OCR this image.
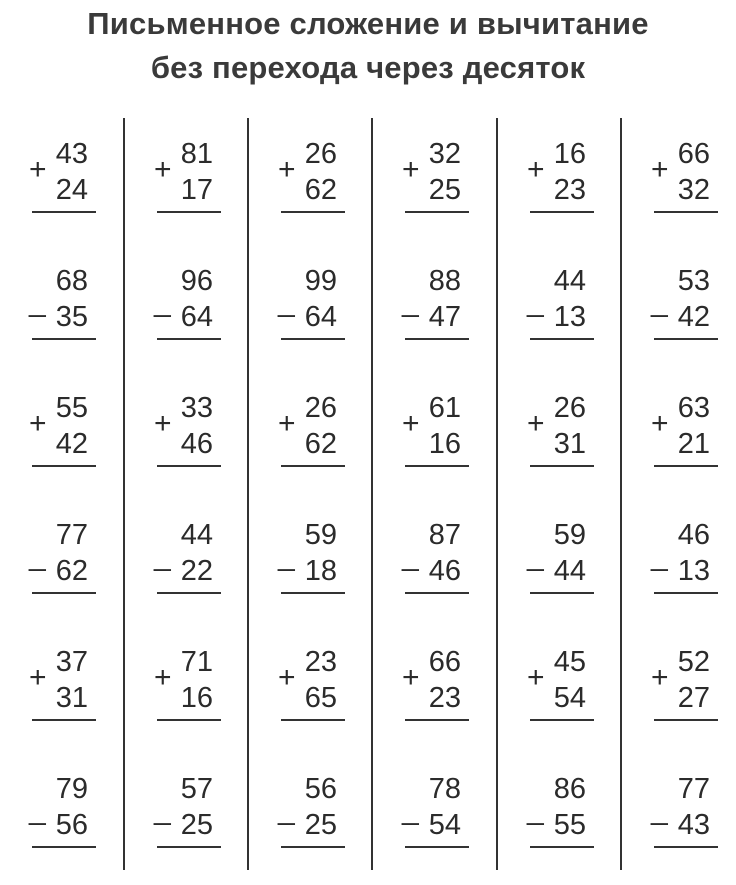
Письменное сложение и вычитание
без перехода через десяток
+ 43
24
+ 81
17
+ 26
62
+ 32
25
+ 16
23
+ 66
32
_
68
35 _
96
64 _
99
64 _
88
47 _
44
13 _
53
42
+ 55
42
+ 33
46
+ 26
62
+ 61
16
+ 26
31
+ 63
21
_
77
62 _
44
22 _
59
18 _
87
46 _
59
44 _
46
13
+ 37
31
+ 71
16
+ 23
65
+ 66
23
+ 45
54
+ 52
27
_
79
56 _
57
25 _
56
25 _
78
54 _
86
55 _
77
43
